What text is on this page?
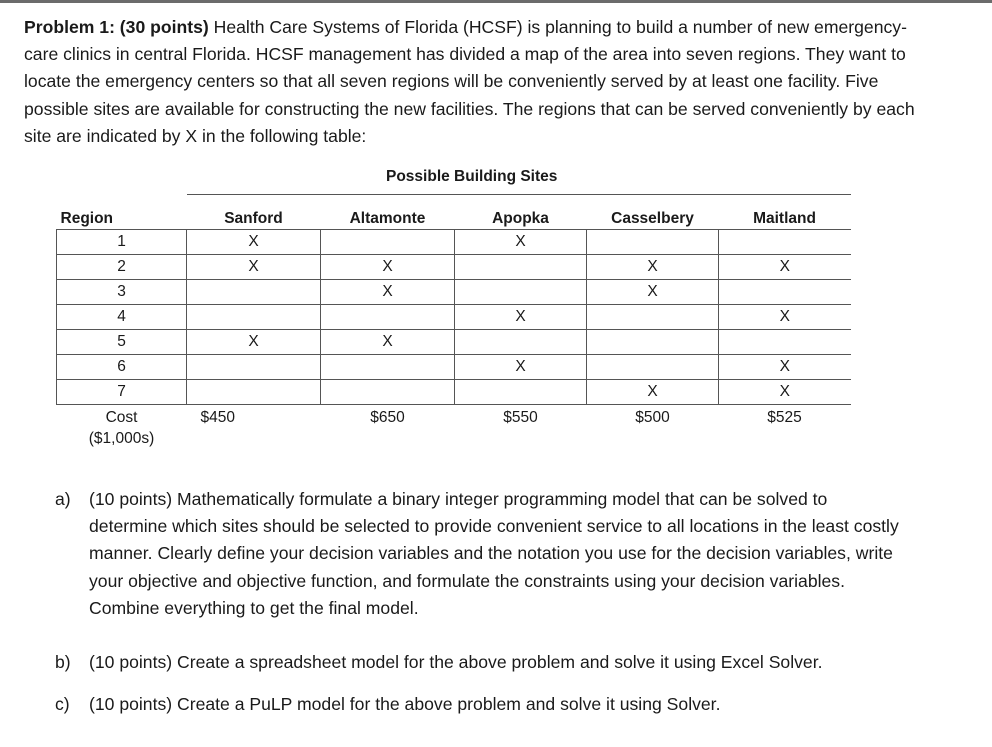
Problem 1: (30 points) Health Care Systems of Florida (HCSF) is planning to build a number of new emergency-care clinics in central Florida. HCSF management has divided a map of the area into seven regions. They want to locate the emergency centers so that all seven regions will be conveniently served by at least one facility. Five possible sites are available for constructing the new facilities. The regions that can be served conveniently by each site are indicated by X in the following table:

Possible Building Sites
Region	Sanford	Altamonte	Apopka	Casselbery	Maitland
1	X		X		
2	X	X		X	X
3		X		X	
4			X		X
5	X	X			
6			X		X
7				X	X

Cost
($1,000s)	$450	$650	$550	$500	$525
a)	(10 points) Mathematically formulate a binary integer programming model that can be solved to determine which sites should be selected to provide convenient service to all locations in the least costly manner. Clearly define your decision variables and the notation you use for the decision variables, write your objective and objective function, and formulate the constraints using your decision variables. Combine everything to get the final model.
b)	(10 points) Create a spreadsheet model for the above problem and solve it using Excel Solver.
c)	(10 points) Create a PuLP model for the above problem and solve it using Solver.
